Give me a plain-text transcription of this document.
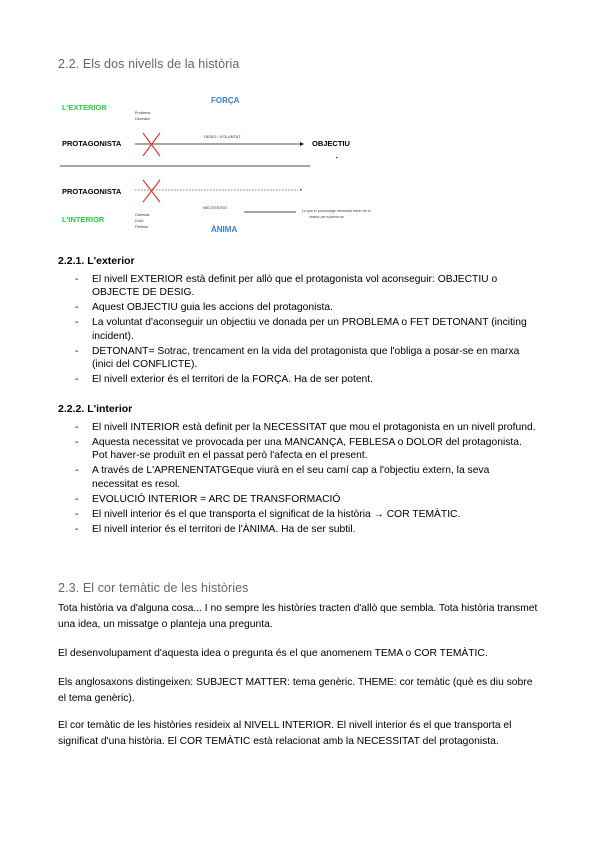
2.2. Els dos nivells de la història
L'EXTERIOR
FORÇA
Problema
Detonant
PROTAGONISTA
DESIG / VOLUNTAT
OBJECTIU
PROTAGONISTA
NECESSITAT
Lo que el personatge necessita saber de si
mateix per superar-se
L'INTERIOR	Carencia
Dolor
Feblesa	ÀNIMA
2.2.1. L'exterior
- El nivell EXTERIOR està definit per allò que el protagonista vol aconseguir: OBJECTIU o OBJECTE DE DESIG.
- Aquest OBJECTIU guia les accions del protagonista.
- La voluntat d'aconseguir un objectiu ve donada per un PROBLEMA o FET DETONANT (inciting incident).
- DETONANT= Sotrac, trencament en la vida del protagonista que l'obliga a posar-se en marxa (inici del CONFLICTE).
- El nivell exterior és el territori de la FORÇA. Ha de ser potent.
2.2.2. L'interior
- El nivell INTERIOR està definit per la NECESSITAT que mou el protagonista en un nivell profund.
- Aquesta necessitat ve provocada per una MANCANÇA, FEBLESA o DOLOR del protagonista. Pot haver-se produït en el passat però l'afecta en el present.
- A través de L'APRENENTATGEque viurà en el seu camí cap a l'objectiu extern, la seva necessitat es resol.
- EVOLUCIÓ INTERIOR = ARC DE TRANSFORMACIÓ
- El nivell interior és el que transporta el significat de la història → COR TEMÀTIC.
- El nivell interior és el territori de l'ÀNIMA. Ha de ser subtil.
2.3. El cor temàtic de les històries

Tota història va d'alguna cosa... I no sempre les històries tracten d'allò que sembla. Tota història transmet una idea, un missatge o planteja una pregunta.

El desenvolupament d'aquesta idea o pregunta és el que anomenem TEMA o COR TEMÀTIC.

Els anglosaxons distingeixen: SUBJECT MATTER: tema genèric. THEME: cor temàtic (què es diu sobre el tema genèric).

El cor temàtic de les històries resideix al NIVELL INTERIOR. El nivell interior és el que transporta el significat d'una història. El COR TEMÀTIC està relacionat amb la NECESSITAT del protagonista.
